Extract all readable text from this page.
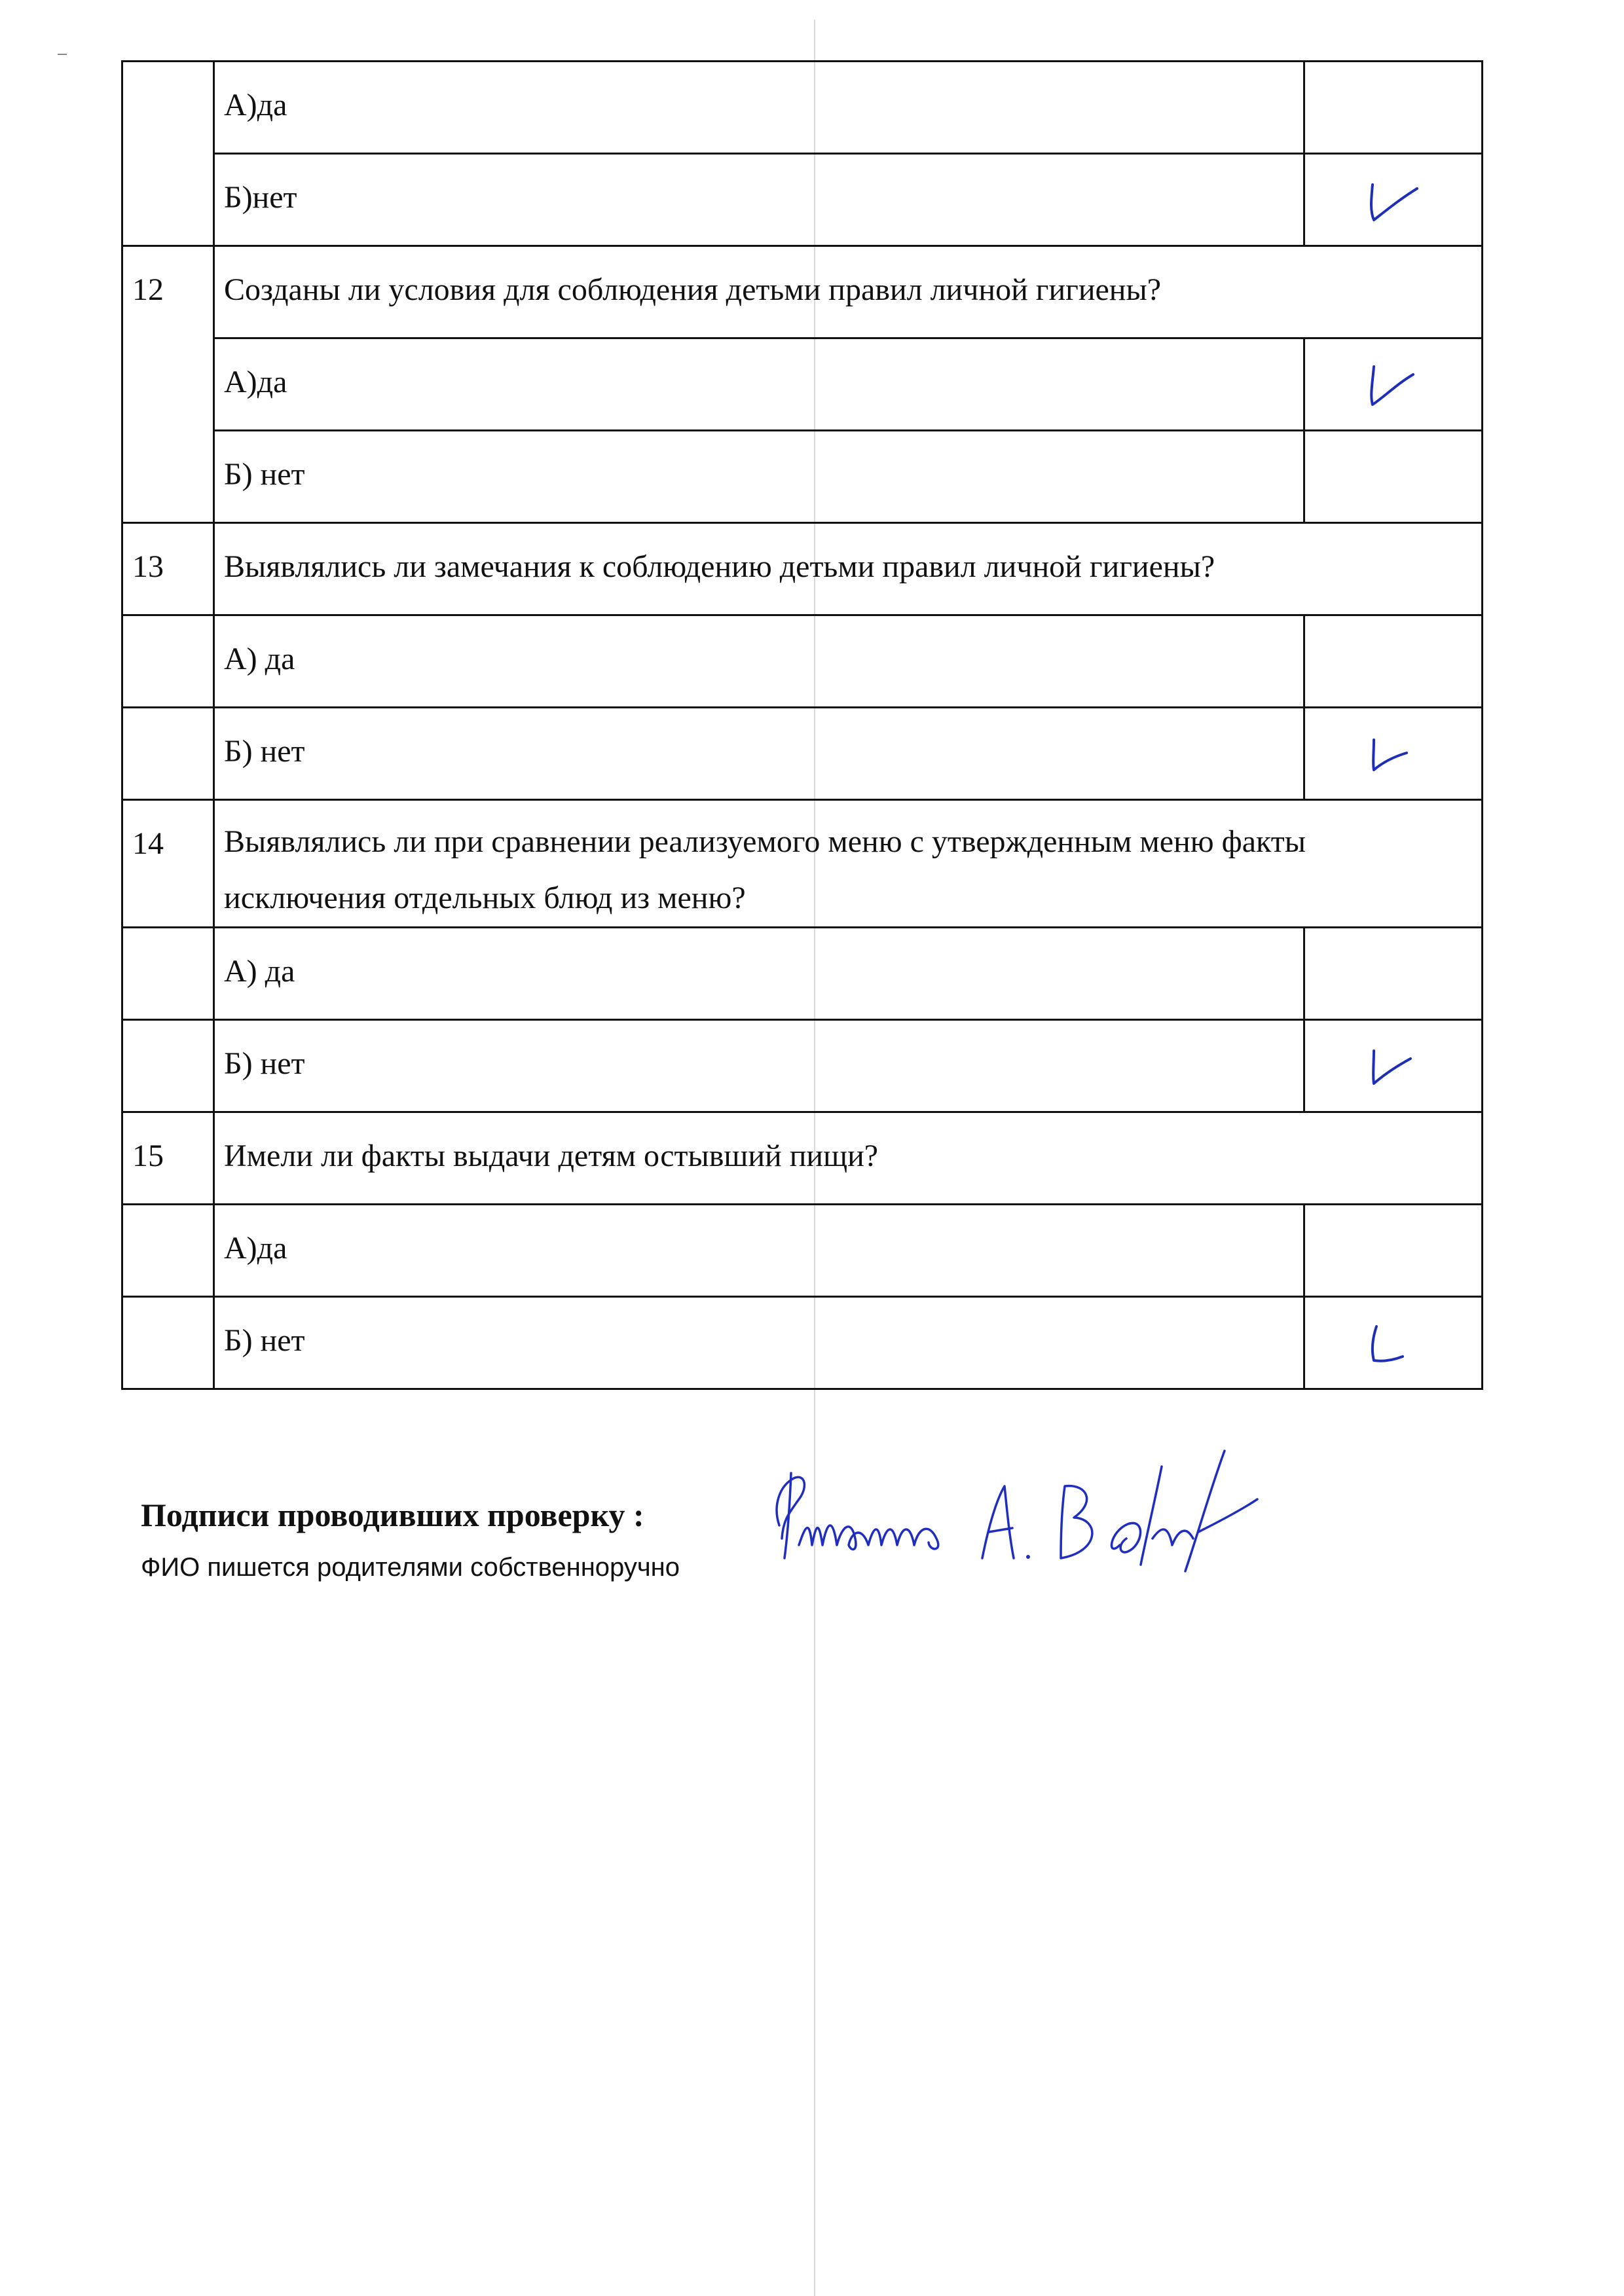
	А)да	
	Б)нет	

12	Созданы ли условия для соблюдения детьми правил личной гигиены?	
	А)да	

	Б) нет	
13	Выявлялись ли замечания к соблюдению детьми правил личной гигиены?	
	А) да	
	Б) нет	

14	Выявлялись ли при сравнении реализуемого меню с утвержденным меню факты исключения отдельных блюд из меню?	
	А) да	
	Б) нет	

15	Имели ли факты выдачи детям остывший пищи?	
	А)да	
	Б) нет	
Подписи проводивших проверку :
ФИО пишется родителями собственноручно
